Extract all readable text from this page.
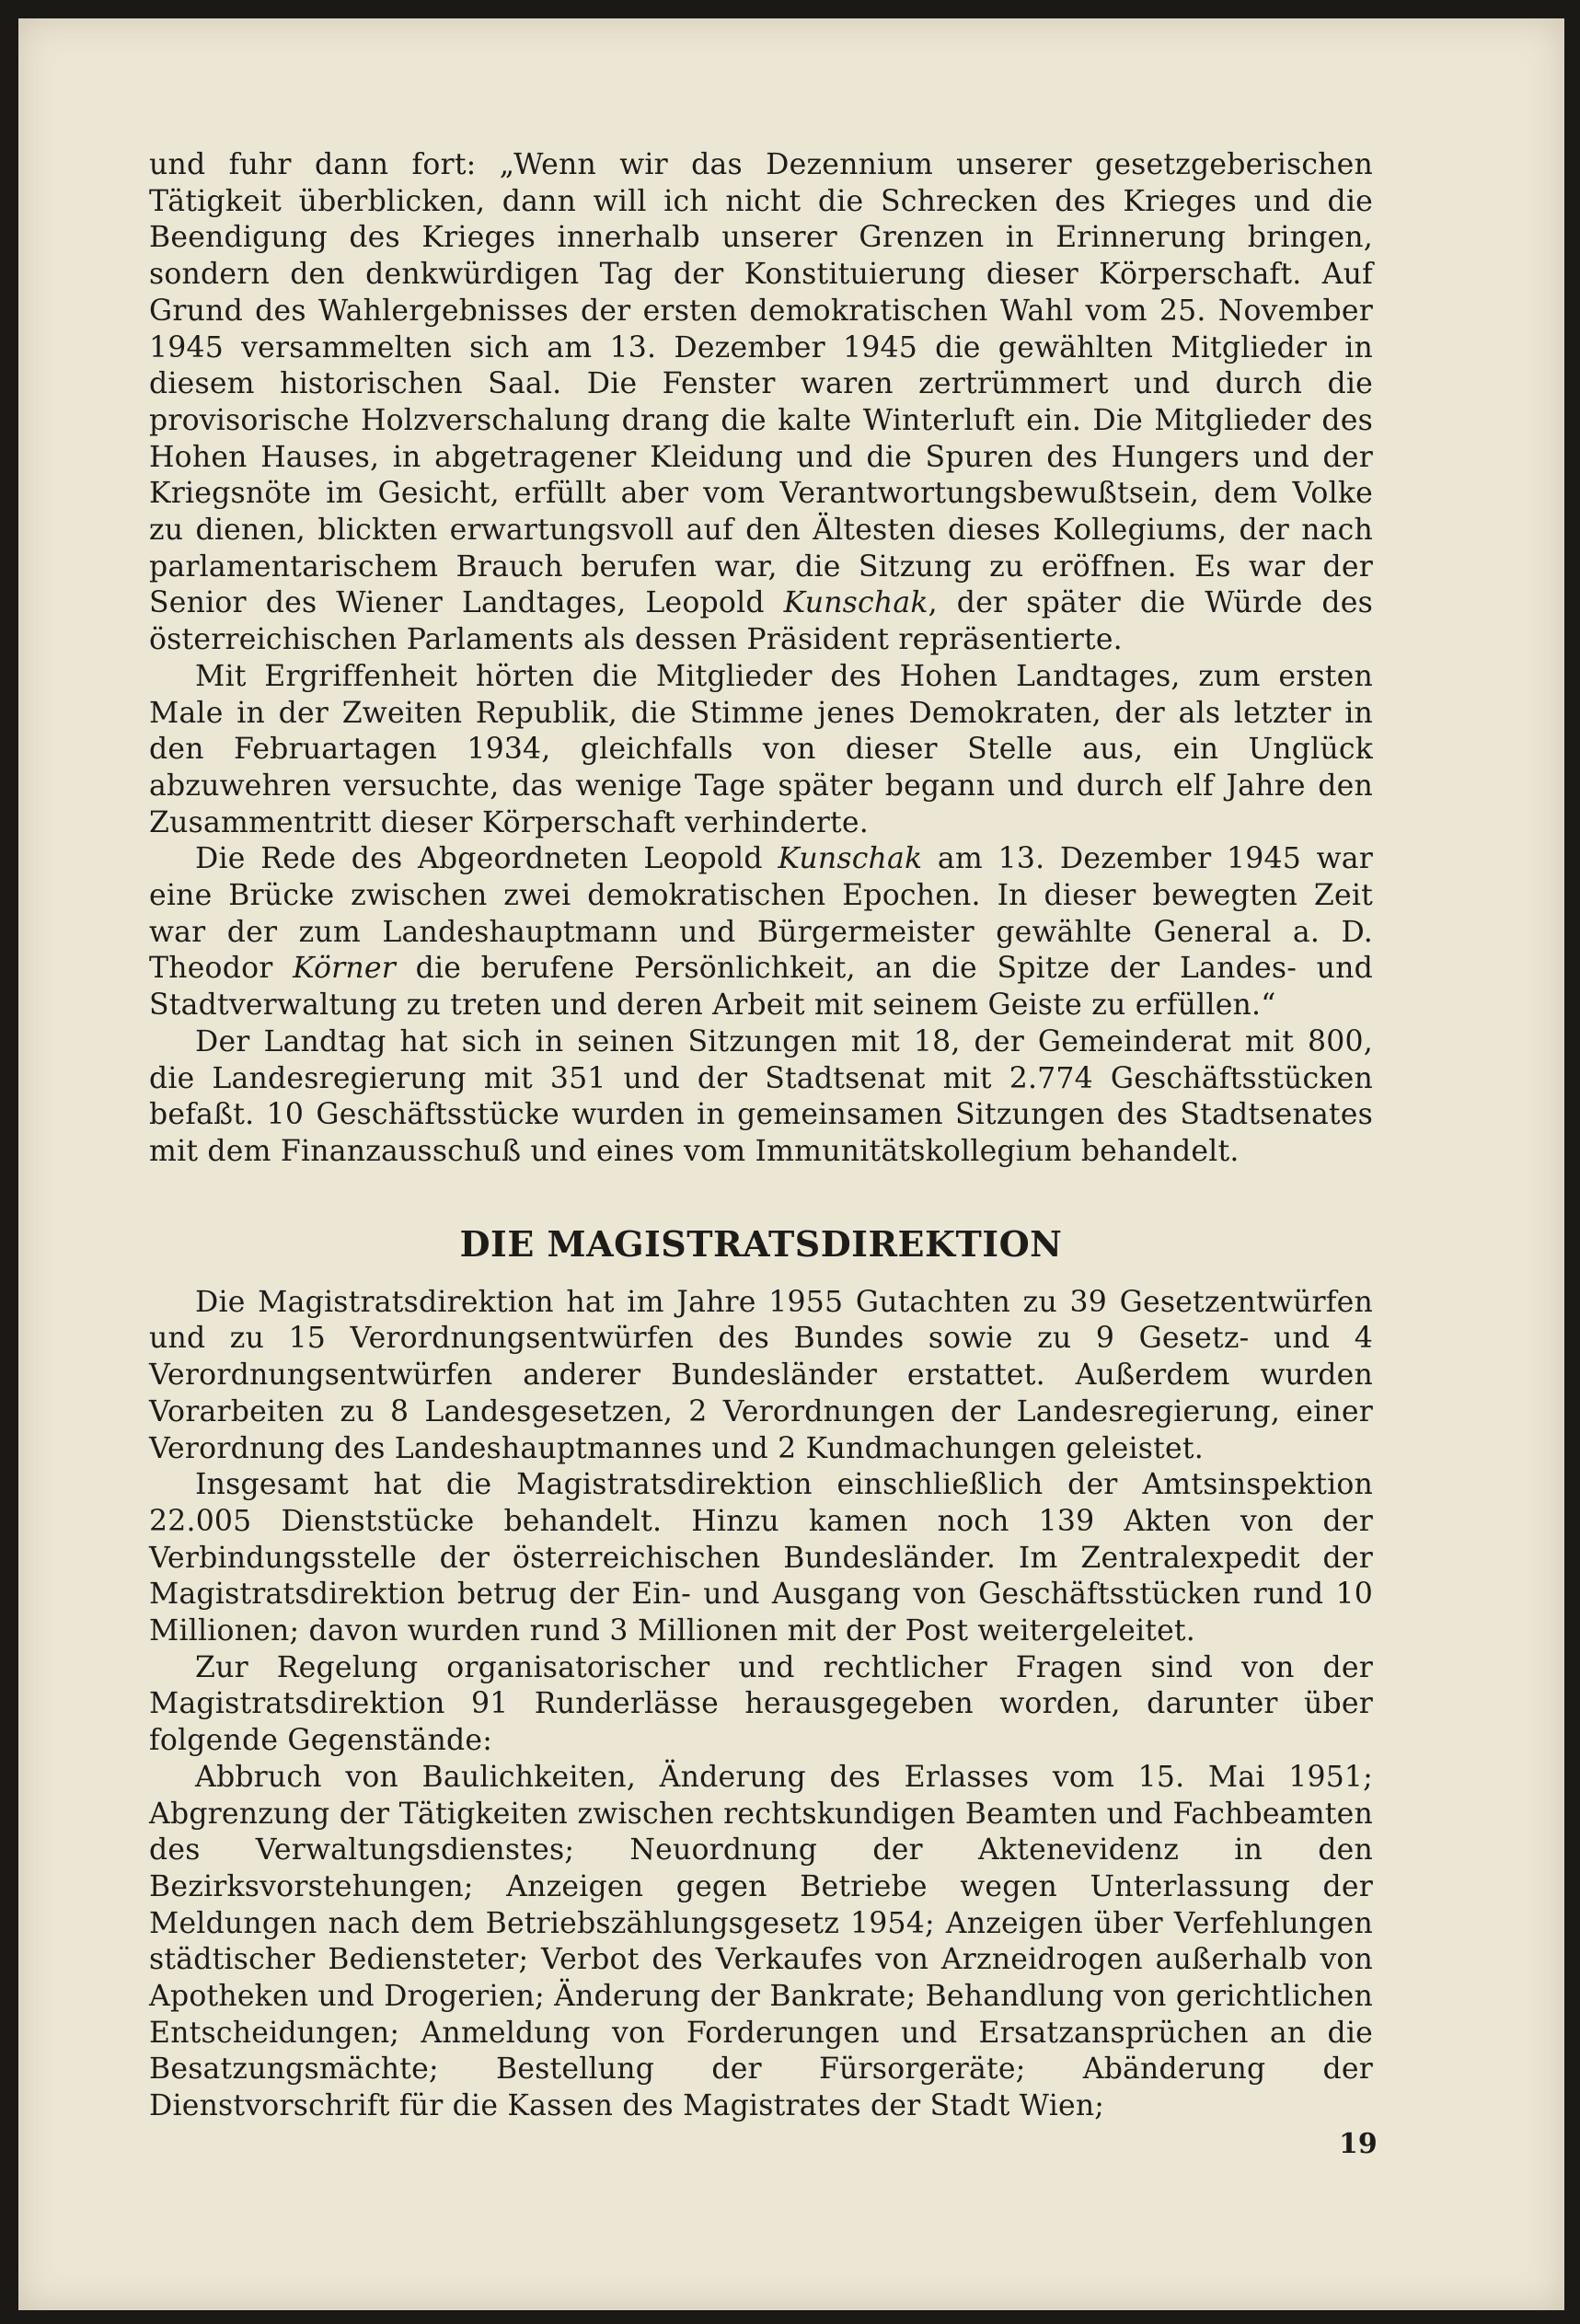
und fuhr dann fort: „Wenn wir das Dezennium unserer gesetzgeberischen Tätigkeit überblicken, dann will ich nicht die Schrecken des Krieges und die Beendigung des Krieges innerhalb unserer Grenzen in Erinnerung bringen, sondern den denkwürdigen Tag der Konstituierung dieser Körperschaft. Auf Grund des Wahlergebnisses der ersten demokratischen Wahl vom 25. November 1945 versammelten sich am 13. Dezember 1945 die gewählten Mitglieder in diesem historischen Saal. Die Fenster waren zertrümmert und durch die provisorische Holzverschalung drang die kalte Winterluft ein. Die Mitglieder des Hohen Hauses, in abgetragener Kleidung und die Spuren des Hungers und der Kriegsnöte im Gesicht, erfüllt aber vom Verantwortungsbewußtsein, dem Volke zu dienen, blickten erwartungsvoll auf den Ältesten dieses Kollegiums, der nach parlamentarischem Brauch berufen war, die Sitzung zu eröffnen. Es war der Senior des Wiener Landtages, Leopold Kunschak, der später die Würde des österreichischen Parlaments als dessen Präsident repräsentierte.

Mit Ergriffenheit hörten die Mitglieder des Hohen Landtages, zum ersten Male in der Zweiten Republik, die Stimme jenes Demokraten, der als letzter in den Februartagen 1934, gleichfalls von dieser Stelle aus, ein Unglück abzuwehren versuchte, das wenige Tage später begann und durch elf Jahre den Zusammentritt dieser Körperschaft verhinderte.

Die Rede des Abgeordneten Leopold Kunschak am 13. Dezember 1945 war eine Brücke zwischen zwei demokratischen Epochen. In dieser bewegten Zeit war der zum Landeshauptmann und Bürgermeister gewählte General a. D. Theodor Körner die berufene Persönlichkeit, an die Spitze der Landes- und Stadtverwaltung zu treten und deren Arbeit mit seinem Geiste zu erfüllen.“

Der Landtag hat sich in seinen Sitzungen mit 18, der Gemeinderat mit 800, die Landesregierung mit 351 und der Stadtsenat mit 2.774 Geschäftsstücken befaßt. 10 Geschäftsstücke wurden in gemeinsamen Sitzungen des Stadtsenates mit dem Finanzausschuß und eines vom Immunitätskollegium behandelt.

DIE MAGISTRATSDIREKTION

Die Magistratsdirektion hat im Jahre 1955 Gutachten zu 39 Gesetzentwürfen und zu 15 Verordnungsentwürfen des Bundes sowie zu 9 Gesetz- und 4 Verordnungsentwürfen anderer Bundesländer erstattet. Außerdem wurden Vorarbeiten zu 8 Landesgesetzen, 2 Verordnungen der Landesregierung, einer Verordnung des Landeshauptmannes und 2 Kundmachungen geleistet.

Insgesamt hat die Magistratsdirektion einschließlich der Amtsinspektion 22.005 Dienststücke behandelt. Hinzu kamen noch 139 Akten von der Verbindungsstelle der österreichischen Bundesländer. Im Zentralexpedit der Magistratsdirektion betrug der Ein- und Ausgang von Geschäftsstücken rund 10 Millionen; davon wurden rund 3 Millionen mit der Post weitergeleitet.

Zur Regelung organisatorischer und rechtlicher Fragen sind von der Magistratsdirektion 91 Runderlässe herausgegeben worden, darunter über folgende Gegenstände:

Abbruch von Baulichkeiten, Änderung des Erlasses vom 15. Mai 1951; Abgrenzung der Tätigkeiten zwischen rechtskundigen Beamten und Fachbeamten des Verwaltungsdienstes; Neuordnung der Aktenevidenz in den Bezirksvorstehungen; Anzeigen gegen Betriebe wegen Unterlassung der Meldungen nach dem Betriebszählungsgesetz 1954; Anzeigen über Verfehlungen städtischer Bediensteter; Verbot des Verkaufes von Arzneidrogen außerhalb von Apotheken und Drogerien; Änderung der Bankrate; Behandlung von gerichtlichen Entscheidungen; Anmeldung von Forderungen und Ersatzansprüchen an die Besatzungsmächte; Bestellung der Fürsorgeräte; Abänderung der Dienstvorschrift für die Kassen des Magistrates der Stadt Wien;

19
